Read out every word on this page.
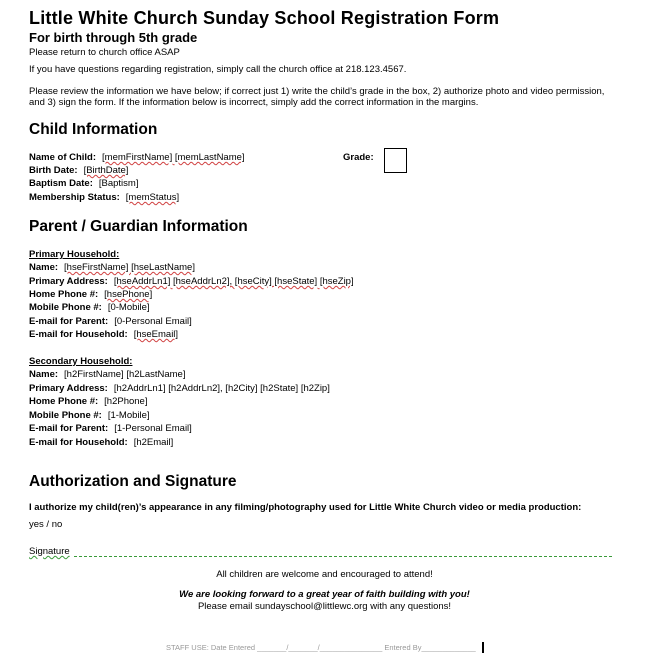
Little White Church Sunday School Registration Form
For birth through 5th grade
Please return to church office ASAP
If you have questions regarding registration, simply call the church office at 218.123.4567.
Please review the information we have below; if correct just 1) write the child’s grade in the box, 2) authorize photo and video permission,
and 3) sign the form. If the information below is incorrect, simply add the correct information in the margins.
Child Information
Name of Child: [memFirstName] [memLastName]	Grade:
Birth Date: [BirthDate]
Baptism Date: [Baptism]
Membership Status: [memStatus]
Parent / Guardian Information
Primary Household:
Name: [hseFirstName] [hseLastName]
Primary Address: [hseAddrLn1] [hseAddrLn2], [hseCity] [hseState] [hseZip]
Home Phone #: [hsePhone]
Mobile Phone #: [0-Mobile]
E-mail for Parent: [0-Personal Email]
E-mail for Household: [hseEmail]
Secondary Household:
Name: [h2FirstName] [h2LastName]
Primary Address: [h2AddrLn1] [h2AddrLn2], [h2City] [h2State] [h2Zip]
Home Phone #: [h2Phone]
Mobile Phone #: [1-Mobile]
E-mail for Parent: [1-Personal Email]
E-mail for Household: [h2Email]
Authorization and Signature
I authorize my child(ren)’s appearance in any filming/photography used for Little White Church video or media production:
yes / no
Signature
All children are welcome and encouraged to attend!
We are looking forward to a great year of faith building with you!
Please email sundayschool@littlewc.org with any questions!
STAFF USE: Date Entered _______/_______/_______________ Entered By_____________
